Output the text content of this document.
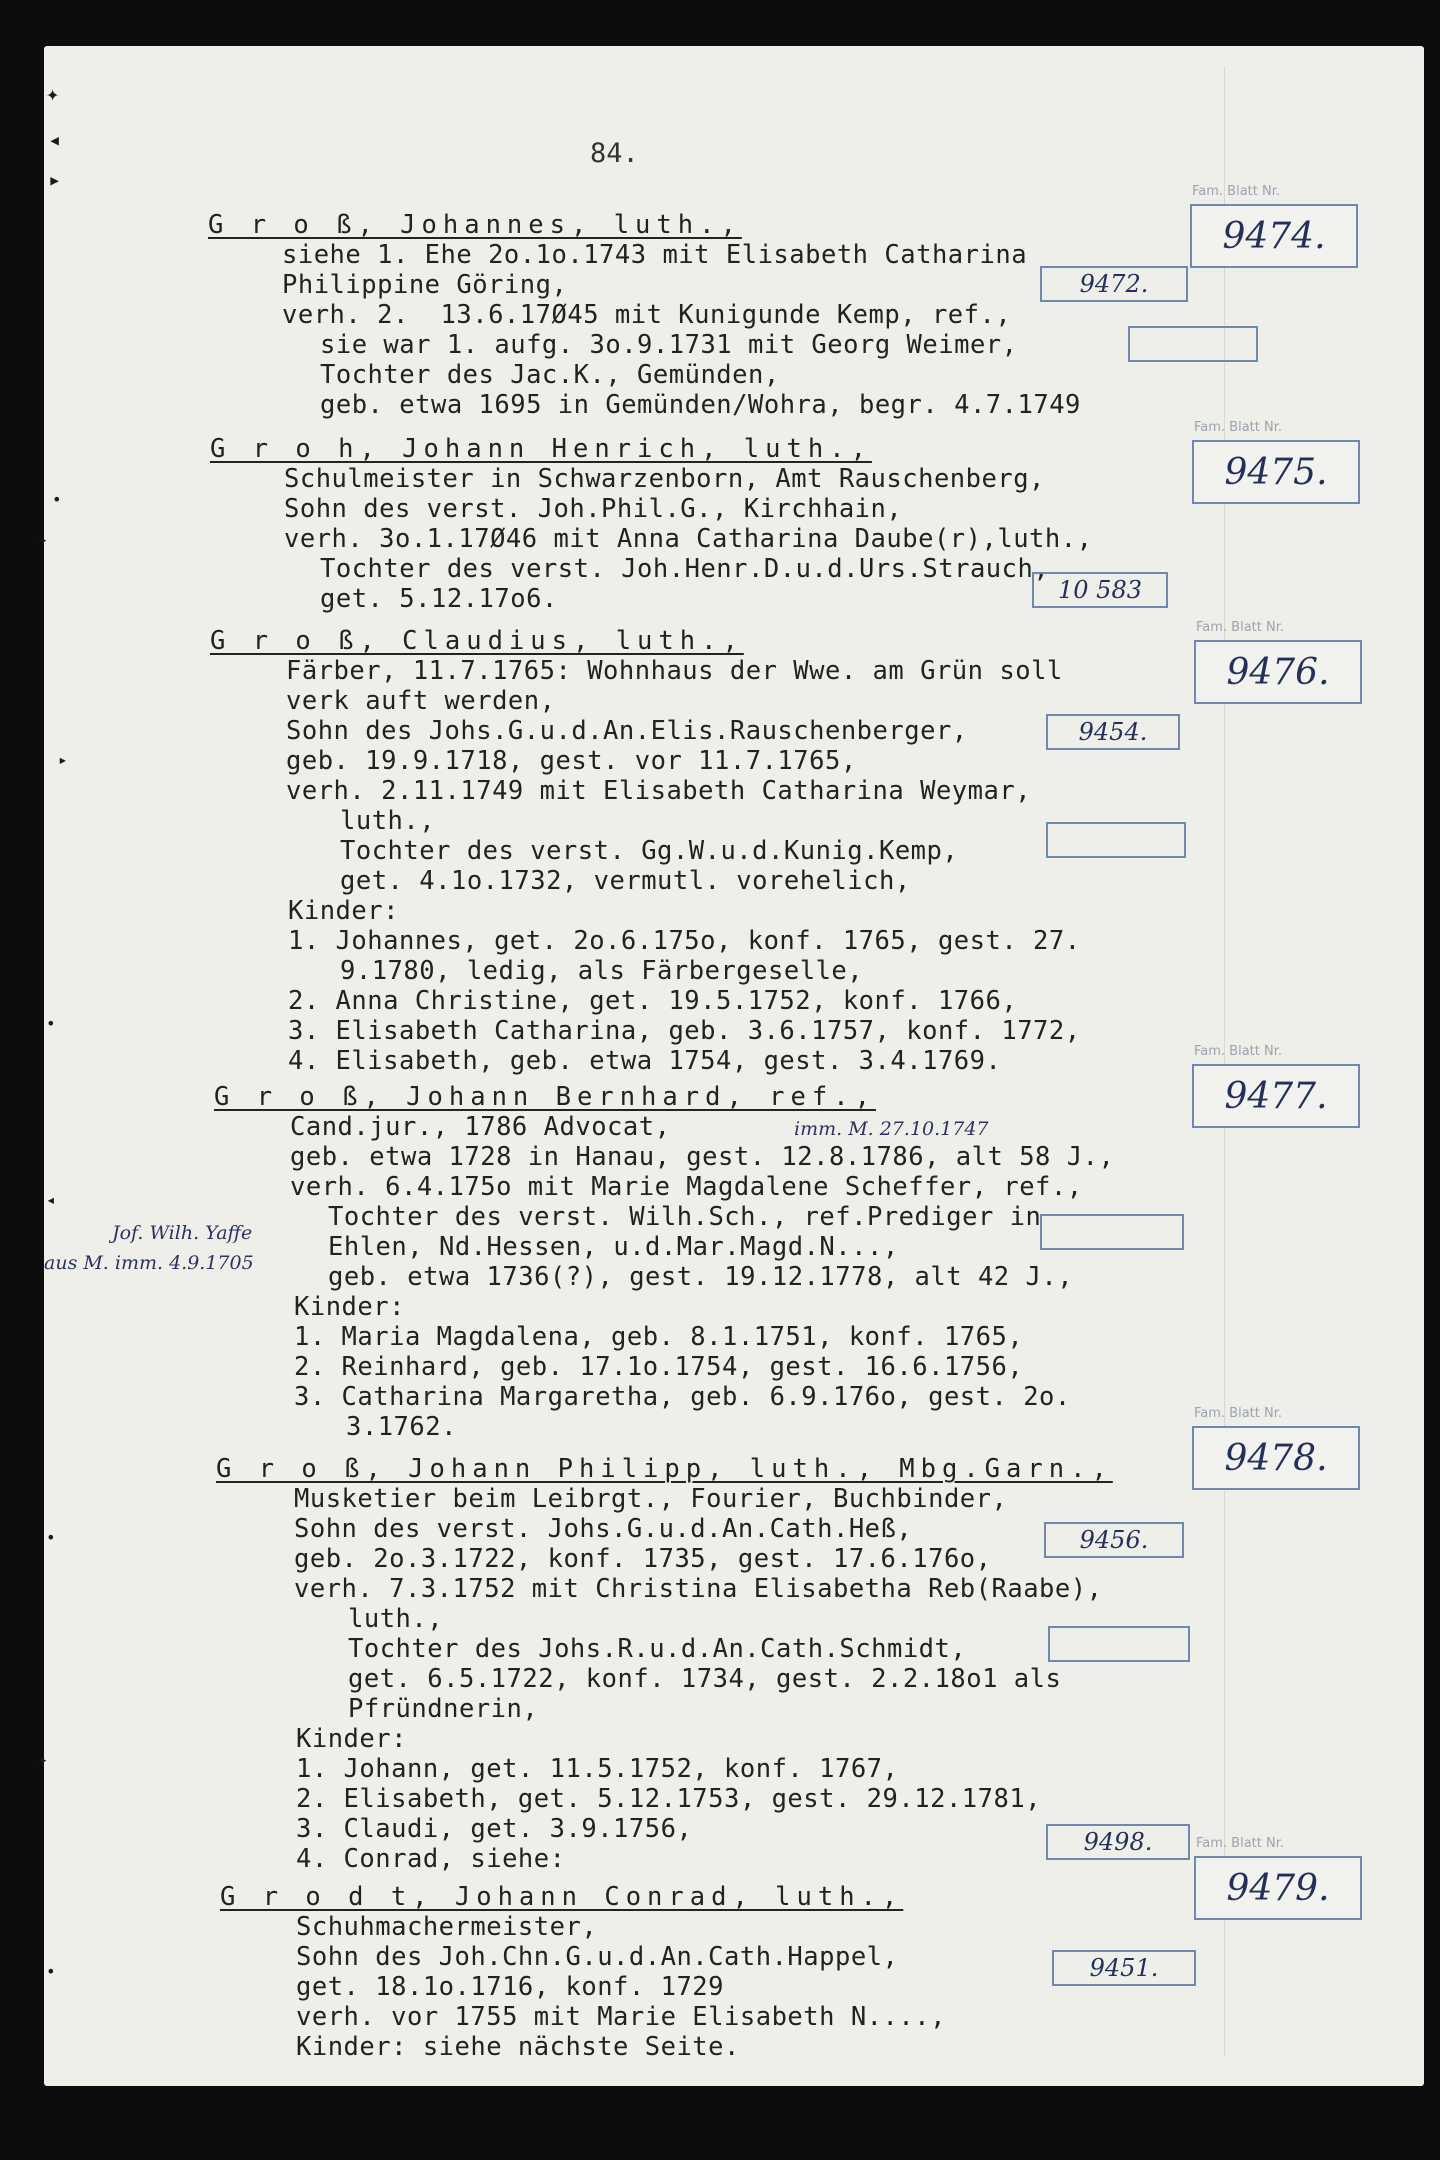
✦
◂
▸
•
✦
▸
•
◂
•
✦
•
84.
G r o ß, Johannes, luth.,
siehe 1. Ehe 2o.1o.1743 mit Elisabeth Catharina
Philippine Göring,
verh. 2.  13.6.17Ø45 mit Kunigunde Kemp, ref.,
sie war 1. aufg. 3o.9.1731 mit Georg Weimer,
Tochter des Jac.K., Gemünden,
geb. etwa 1695 in Gemünden/Wohra, begr. 4.7.1749
9472.
Fam. Blatt Nr.
9474.
G r o h, Johann Henrich, luth.,
Schulmeister in Schwarzenborn, Amt Rauschenberg,
Sohn des verst. Joh.Phil.G., Kirchhain,
verh. 3o.1.17Ø46 mit Anna Catharina Daube(r),luth.,
Tochter des verst. Joh.Henr.D.u.d.Urs.Strauch,
get. 5.12.17o6.	10 583
Fam. Blatt Nr.
9475.
G r o ß, Claudius, luth.,
Färber, 11.7.1765: Wohnhaus der Wwe. am Grün soll
verk auft werden,
Sohn des Johs.G.u.d.An.Elis.Rauschenberger,
geb. 19.9.1718, gest. vor 11.7.1765,
verh. 2.11.1749 mit Elisabeth Catharina Weymar,
luth.,
Tochter des verst. Gg.W.u.d.Kunig.Kemp,
get. 4.1o.1732, vermutl. vorehelich,
Kinder:
1. Johannes, get. 2o.6.175o, konf. 1765, gest. 27.
9.1780, ledig, als Färbergeselle,
2. Anna Christine, get. 19.5.1752, konf. 1766,
3. Elisabeth Catharina, geb. 3.6.1757, konf. 1772,
4. Elisabeth, geb. etwa 1754, gest. 3.4.1769.
9454.
Fam. Blatt Nr.
9476.
G r o ß, Johann Bernhard, ref.,
Cand.jur., 1786 Advocat,
geb. etwa 1728 in Hanau, gest. 12.8.1786, alt 58 J.,
verh. 6.4.175o mit Marie Magdalene Scheffer, ref.,
Tochter des verst. Wilh.Sch., ref.Prediger in
Ehlen, Nd.Hessen, u.d.Mar.Magd.N...,
geb. etwa 1736(?), gest. 19.12.1778, alt 42 J.,
Kinder:
1. Maria Magdalena, geb. 8.1.1751, konf. 1765,
2. Reinhard, geb. 17.1o.1754, gest. 16.6.1756,
3. Catharina Margaretha, geb. 6.9.176o, gest. 2o.
3.1762.
imm. M. 27.10.1747
Jof. Wilh. Yaffe
aus M. imm. 4.9.1705
Fam. Blatt Nr.
9477.
G r o ß, Johann Philipp, luth., Mbg.Garn.,
Musketier beim Leibrgt., Fourier, Buchbinder,
Sohn des verst. Johs.G.u.d.An.Cath.Heß,
geb. 2o.3.1722, konf. 1735, gest. 17.6.176o,
verh. 7.3.1752 mit Christina Elisabetha Reb(Raabe),
luth.,
Tochter des Johs.R.u.d.An.Cath.Schmidt,
get. 6.5.1722, konf. 1734, gest. 2.2.18o1 als
Pfründnerin,
Kinder:
1. Johann, get. 11.5.1752, konf. 1767,
2. Elisabeth, get. 5.12.1753, gest. 29.12.1781,
3. Claudi, get. 3.9.1756,
4. Conrad, siehe:
9456.
9498.
Fam. Blatt Nr.
9478.
G r o d t, Johann Conrad, luth.,
Schuhmachermeister,
Sohn des Joh.Chn.G.u.d.An.Cath.Happel,
get. 18.1o.1716, konf. 1729
verh. vor 1755 mit Marie Elisabeth N....,
Kinder: siehe nächste Seite.
9451.
Fam. Blatt Nr.
9479.
